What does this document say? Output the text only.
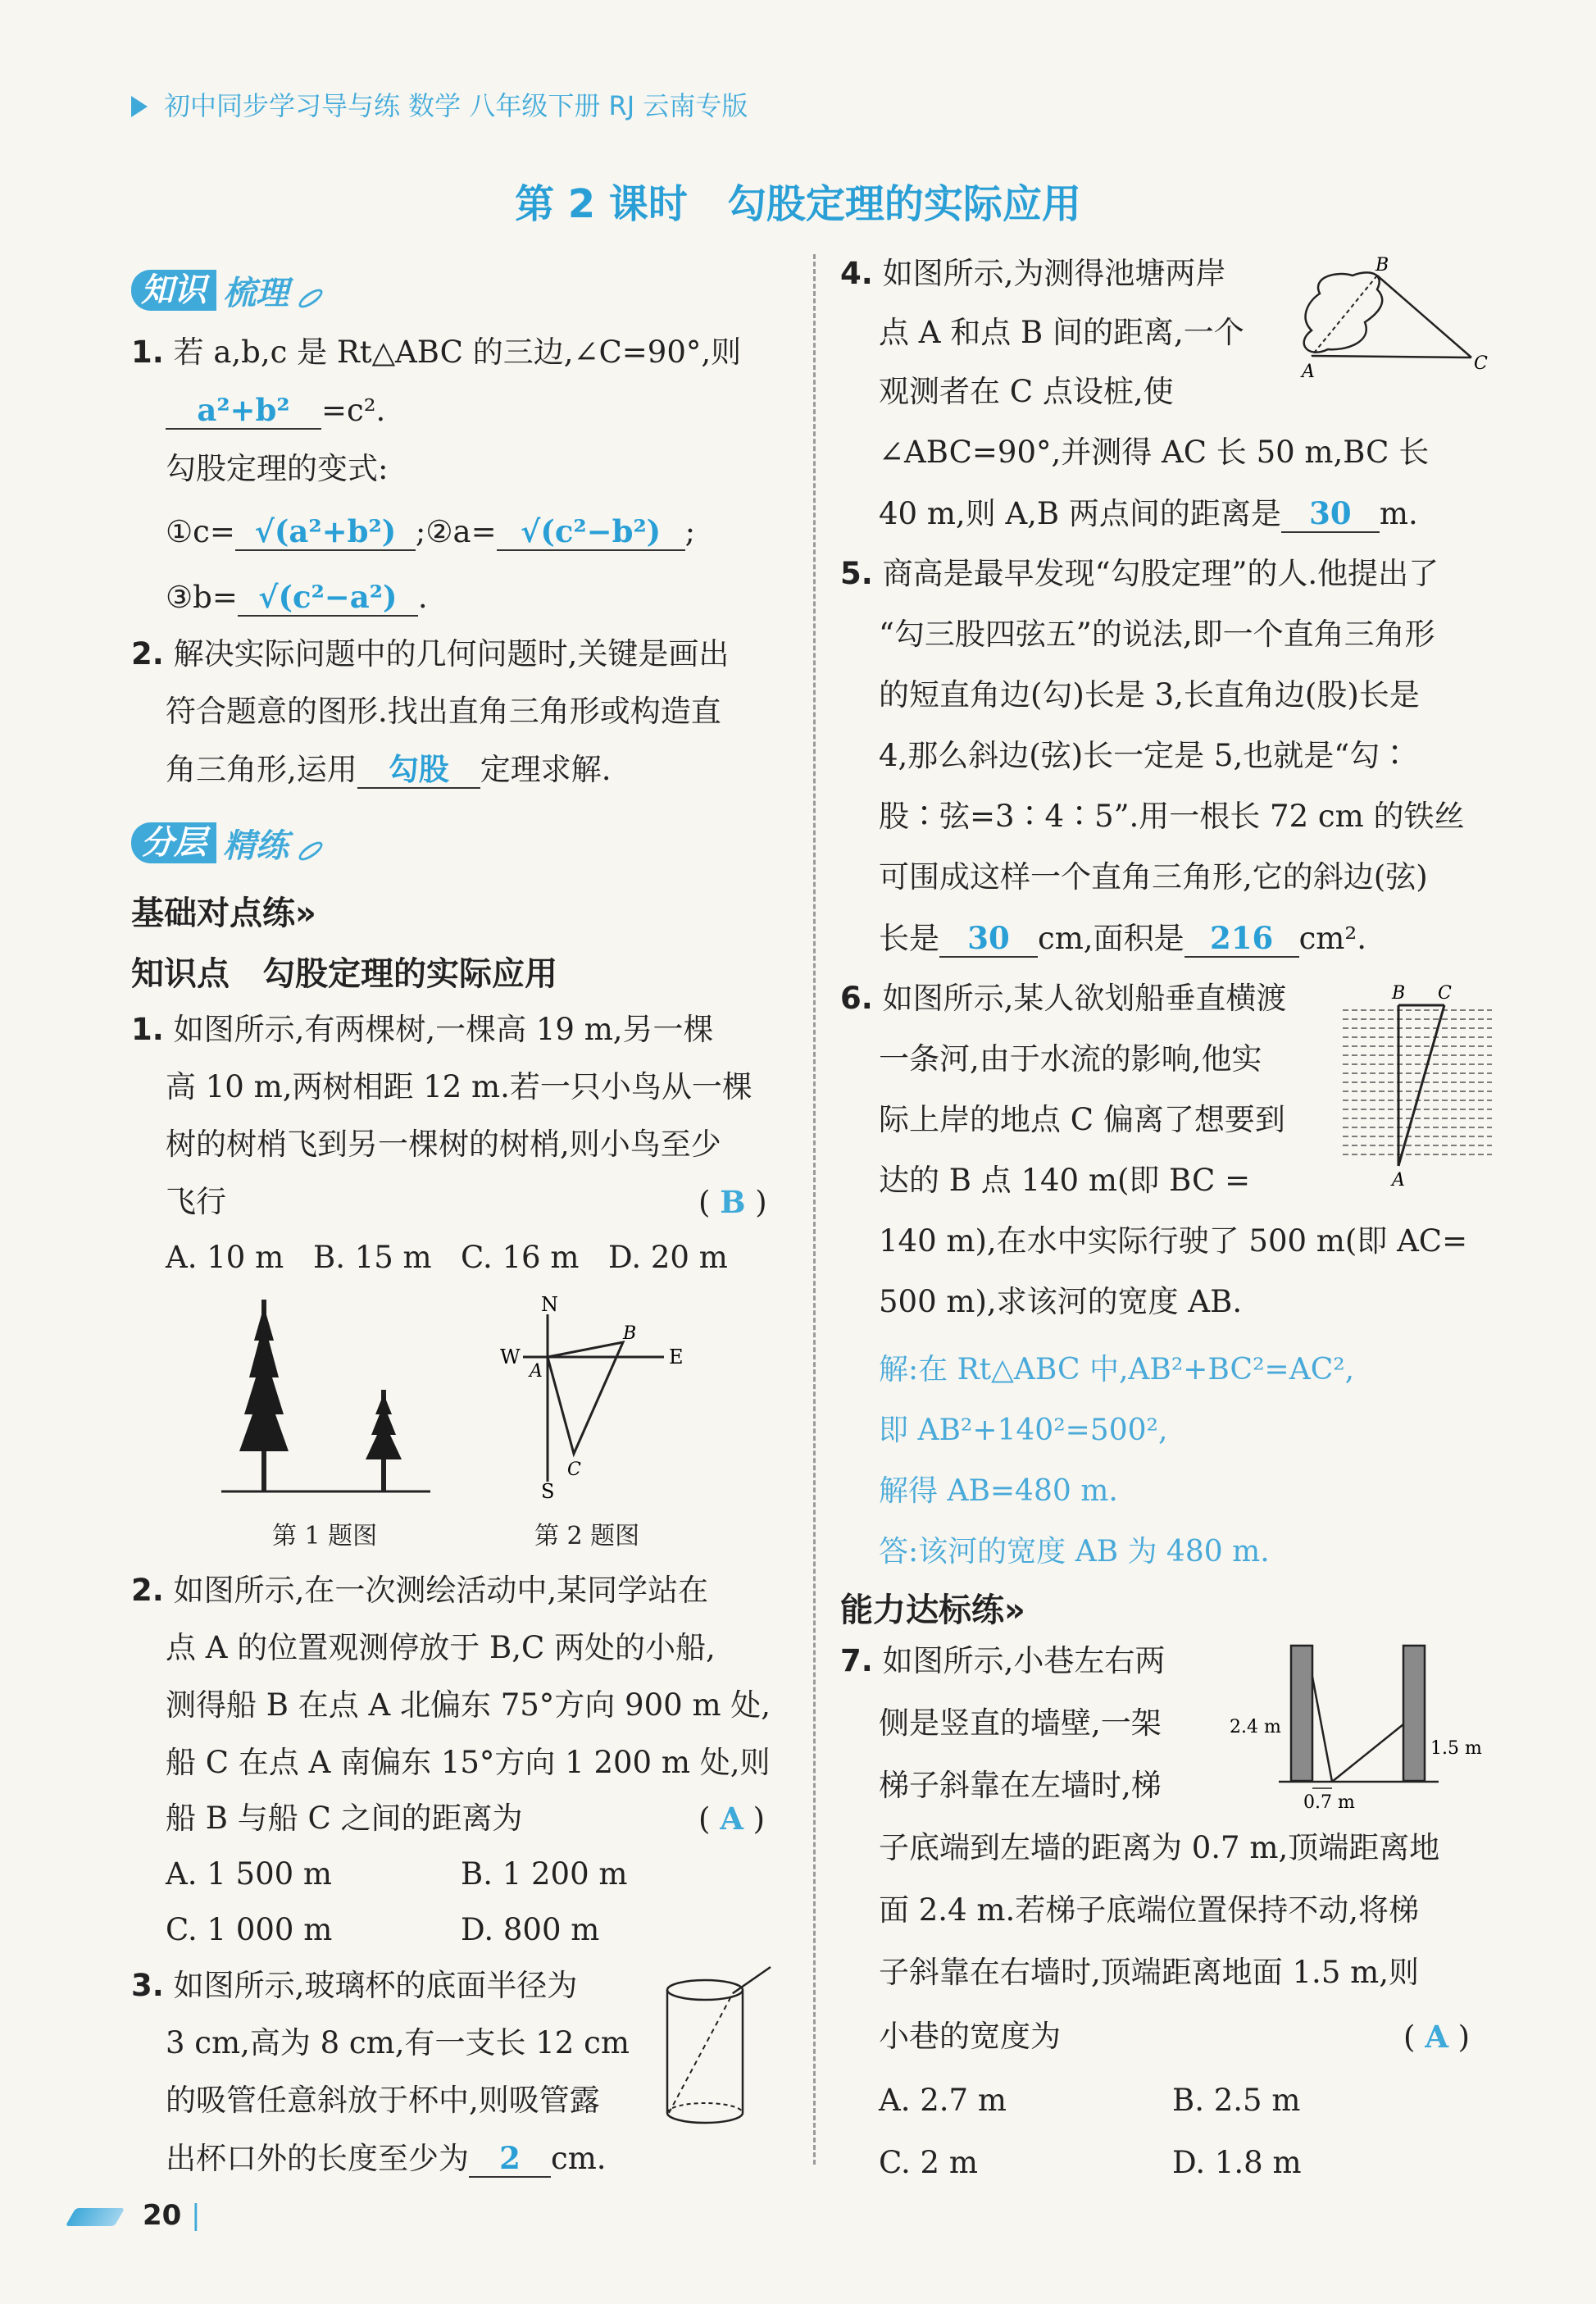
初中同步学习导与练 数学 八年级下册 RJ 云南专版
第 2 课时　勾股定理的实际应用
知识 梳理
1. 若 a,b,c 是 Rt△ABC 的三边,∠C=90°,则
a²+b² =c².
勾股定理的变式:
①c= √(a²+b²) ;②a= √(c²−b²) ;
③b= √(c²−a²) .
2. 解决实际问题中的几何问题时,关键是画出
符合题意的图形.找出直角三角形或构造直
角三角形,运用 勾股 定理求解.
分层 精练
基础对点练»
知识点　勾股定理的实际应用
1. 如图所示,有两棵树,一棵高 19 m,另一棵
高 10 m,两树相距 12 m.若一只小鸟从一棵
树的树梢飞到另一棵树的树梢,则小鸟至少
飞行	( B )
A. 10 m B. 15 m C. 16 m D. 20 m
第 1 题图
N
S
W	E
A
B
C
第 2 题图
2. 如图所示,在一次测绘活动中,某同学站在
点 A 的位置观测停放于 B,C 两处的小船,
测得船 B 在点 A 北偏东 75°方向 900 m 处,
船 C 在点 A 南偏东 15°方向 1 200 m 处,则
船 B 与船 C 之间的距离为	( A )
A. 1 500 m	B. 1 200 m
C. 1 000 m	D. 800 m
3. 如图所示,玻璃杯的底面半径为
3 cm,高为 8 cm,有一支长 12 cm
的吸管任意斜放于杯中,则吸管露
出杯口外的长度至少为 2 cm.
4. 如图所示,为测得池塘两岸
点 A 和点 B 间的距离,一个
观测者在 C 点设桩,使
∠ABC=90°,并测得 AC 长 50 m,BC 长
40 m,则 A,B 两点间的距离是 30 m.
A
B
C
5. 商高是最早发现“勾股定理”的人.他提出了
“勾三股四弦五”的说法,即一个直角三角形
的短直角边(勾)长是 3,长直角边(股)长是
4,那么斜边(弦)长一定是 5,也就是“勾∶
股∶弦=3∶4∶5”.用一根长 72 cm 的铁丝
可围成这样一个直角三角形,它的斜边(弦)
长是 30 cm,面积是 216 cm².
6. 如图所示,某人欲划船垂直横渡
一条河,由于水流的影响,他实
际上岸的地点 C 偏离了想要到
达的 B 点 140 m(即 BC =
140 m),在水中实际行驶了 500 m(即 AC=
500 m),求该河的宽度 AB.
B C
A
解:在 Rt△ABC 中,AB²+BC²=AC²,
即 AB²+140²=500²,
解得 AB=480 m.
答:该河的宽度 AB 为 480 m.
能力达标练»
7. 如图所示,小巷左右两
侧是竖直的墙壁,一架
梯子斜靠在左墙时,梯
子底端到左墙的距离为 0.7 m,顶端距离地
面 2.4 m.若梯子底端位置保持不动,将梯
子斜靠在右墙时,顶端距离地面 1.5 m,则
小巷的宽度为	( A )
A. 2.7 m	B. 2.5 m
C. 2 m	D. 1.8 m
2.4 m
1.5 m
0.7 m
20 |
